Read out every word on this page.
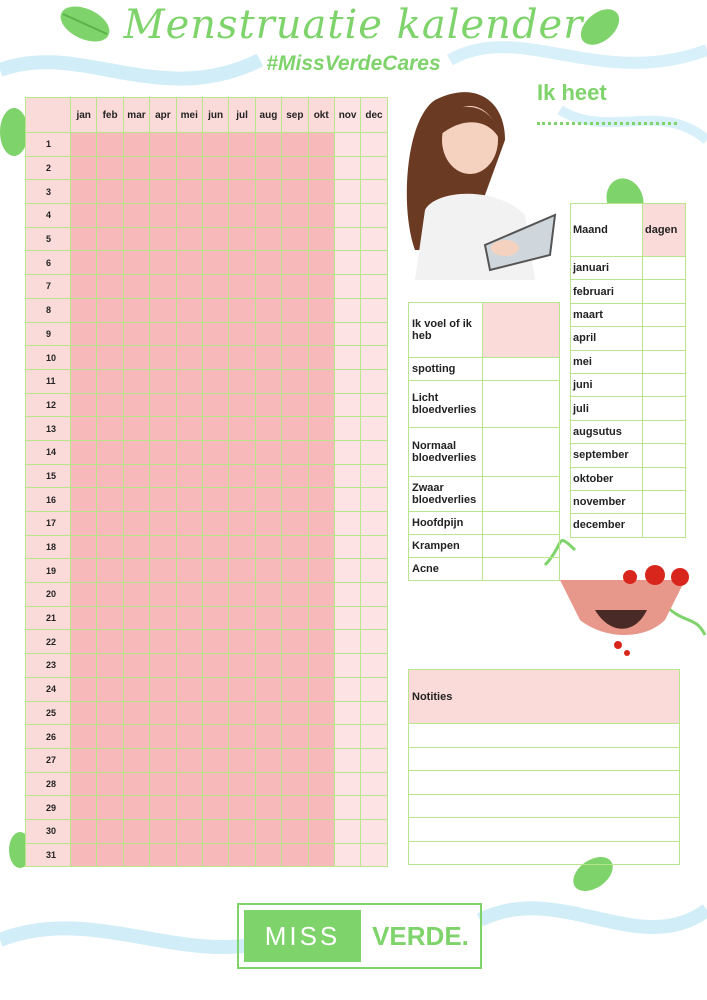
Menstruatie kalender
#MissVerdeCares
Ik heet
	jan	feb	mar	apr	mei	jun	jul	aug	sep	okt	nov	dec
1												
2												
3												
4												
5												
6												
7												
8												
9												
10												
11												
12												
13												
14												
15												
16												
17												
18												
19												
20												
21												
22												
23												
24												
25												
26												
27												
28												
29												
30												
31												
Ik voel of ik heb	
spotting	
Licht bloedverlies	
Normaal bloedverlies	
Zwaar bloedverlies	
Hoofdpijn	
Krampen	
Acne	
Maand	dagen
januari	
februari	
maart	
april	
mei	
juni	
juli	
augsutus	
september	
oktober	
november	
december	
Notities

MISS	VERDE.
